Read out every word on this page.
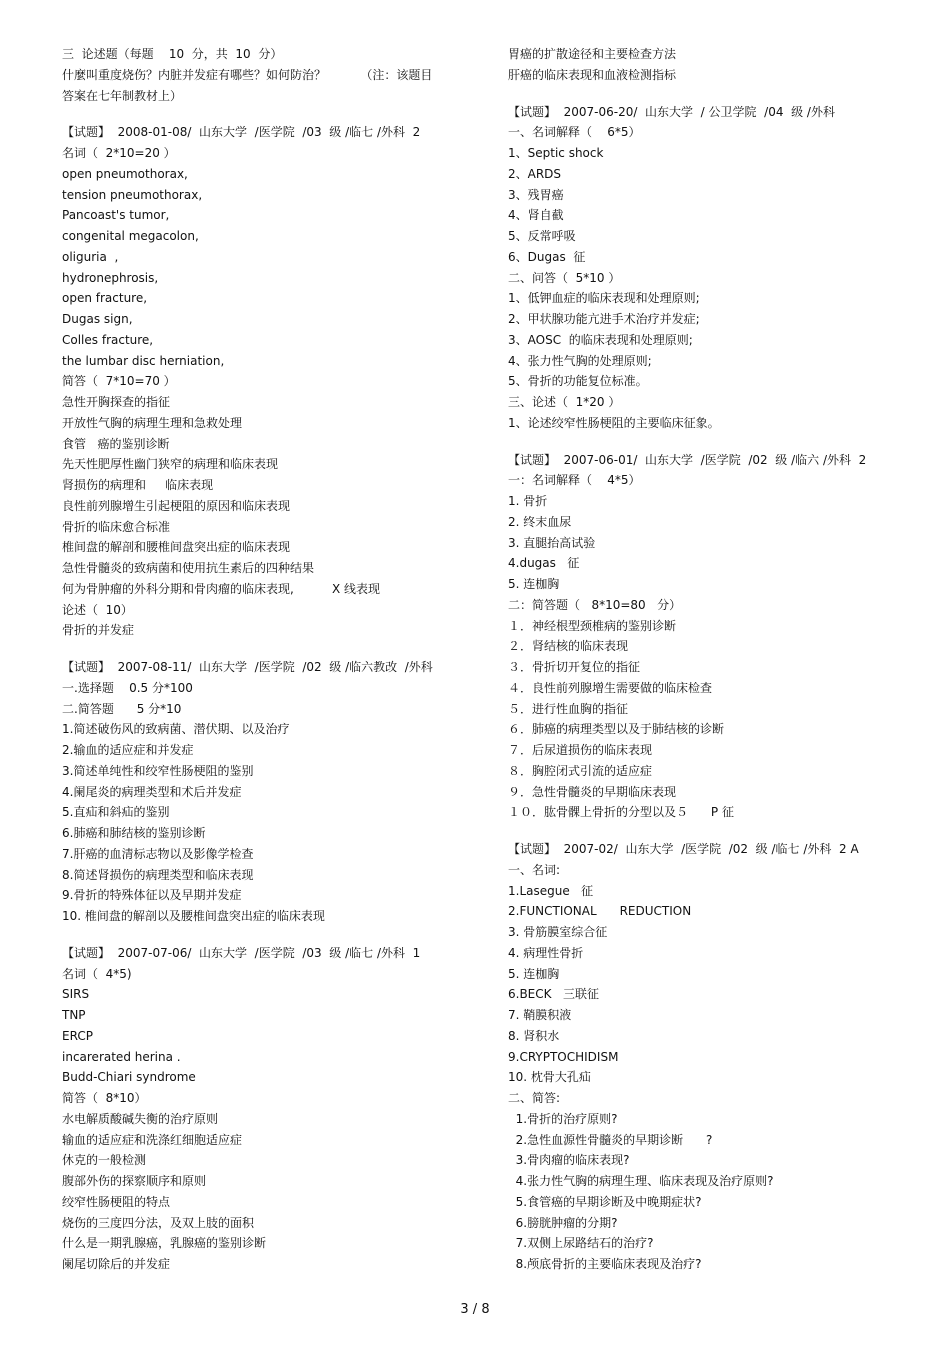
三  论述题（每题    10  分，共  10  分）
什麼叫重度烧伤？内脏并发症有哪些？如何防治？         （注：该题目
答案在七年制教材上）
【试题】  2008-01-08/  山东大学  /医学院  /03  级 /临七 /外科  2
名词（  2*10=20 ）
open pneumothorax,
tension pneumothorax,
Pancoast's tumor,
congenital megacolon,
oliguria  ,
hydronephrosis,
open fracture,
Dugas sign,
Colles fracture,
the lumbar disc herniation,
简答（  7*10=70 ）
急性开胸探查的指征
开放性气胸的病理生理和急救处理
食管   癌的鉴别诊断
先天性肥厚性幽门狭窄的病理和临床表现
肾损伤的病理和     临床表现
良性前列腺增生引起梗阻的原因和临床表现
骨折的临床愈合标准
椎间盘的解剖和腰椎间盘突出症的临床表现
急性骨髓炎的致病菌和使用抗生素后的四种结果
何为骨肿瘤的外科分期和骨肉瘤的临床表现,          X 线表现
论述（  10）
骨折的并发症
【试题】  2007-08-11/  山东大学  /医学院  /02  级 /临六教改  /外科
一.选择题    0.5 分*100
二.简答题      5 分*10
1.简述破伤风的致病菌、潜伏期、以及治疗
2.输血的适应症和并发症
3.简述单纯性和绞窄性肠梗阻的鉴别
4.阑尾炎的病理类型和术后并发症
5.直疝和斜疝的鉴别
6.肺癌和肺结核的鉴别诊断
7.肝癌的血清标志物以及影像学检查
8.简述肾损伤的病理类型和临床表现
9.骨折的特殊体征以及早期并发症
10. 椎间盘的解剖以及腰椎间盘突出症的临床表现
【试题】  2007-07-06/  山东大学  /医学院  /03  级 /临七 /外科  1
名词（  4*5)
SIRS
TNP
ERCP
incarerated herina .
Budd-Chiari syndrome
简答（  8*10）
水电解质酸碱失衡的治疗原则
输血的适应症和洗涤红细胞适应症
休克的一般检测
腹部外伤的探察顺序和原则
绞窄性肠梗阻的特点
烧伤的三度四分法，及双上肢的面积
什么是一期乳腺癌，乳腺癌的鉴别诊断
阑尾切除后的并发症
胃癌的扩散途径和主要检查方法
肝癌的临床表现和血液检测指标
【试题】  2007-06-20/  山东大学  / 公卫学院  /04  级 /外科
一、名词解释（    6*5）
1、Septic shock
2、ARDS
3、残胃癌
4、肾自截
5、反常呼吸
6、Dugas  征
二、问答（  5*10 ）
1、低钾血症的临床表现和处理原则;
2、甲状腺功能亢进手术治疗并发症;
3、AOSC  的临床表现和处理原则;
4、张力性气胸的处理原则;
5、骨折的功能复位标准。
三、论述（  1*20 ）
1、论述绞窄性肠梗阻的主要临床征象。
【试题】  2007-06-01/  山东大学  /医学院  /02  级 /临六 /外科  2
一：名词解释（    4*5）
1. 骨折
2. 终末血尿
3. 直腿抬高试验
4.dugas   征
5. 连枷胸
二：简答题（   8*10=80   分）
１．神经根型颈椎病的鉴别诊断
２．肾结核的临床表现
３．骨折切开复位的指征
４．良性前列腺增生需要做的临床检查
５．进行性血胸的指征
６．肺癌的病理类型以及于肺结核的诊断
７．后尿道损伤的临床表现
８．胸腔闭式引流的适应症
９．急性骨髓炎的早期临床表现
１０．肱骨髁上骨折的分型以及５      P 征
【试题】  2007-02/  山东大学  /医学院  /02  级 /临七 /外科  2 A
一、名词:
1.Lasegue   征
2.FUNCTIONAL      REDUCTION
3. 骨筋膜室综合征
4. 病理性骨折
5. 连枷胸
6.BECK   三联征
7. 鞘膜积液
8. 肾积水
9.CRYPTOCHIDISM
10. 枕骨大孔疝
二、简答:
1.骨折的治疗原则?
2.急性血源性骨髓炎的早期诊断      ?
3.骨肉瘤的临床表现?
4.张力性气胸的病理生理、临床表现及治疗原则?
5.食管癌的早期诊断及中晚期症状?
6.膀胱肿瘤的分期?
7.双侧上尿路结石的治疗?
8.颅底骨折的主要临床表现及治疗?
3 / 8
